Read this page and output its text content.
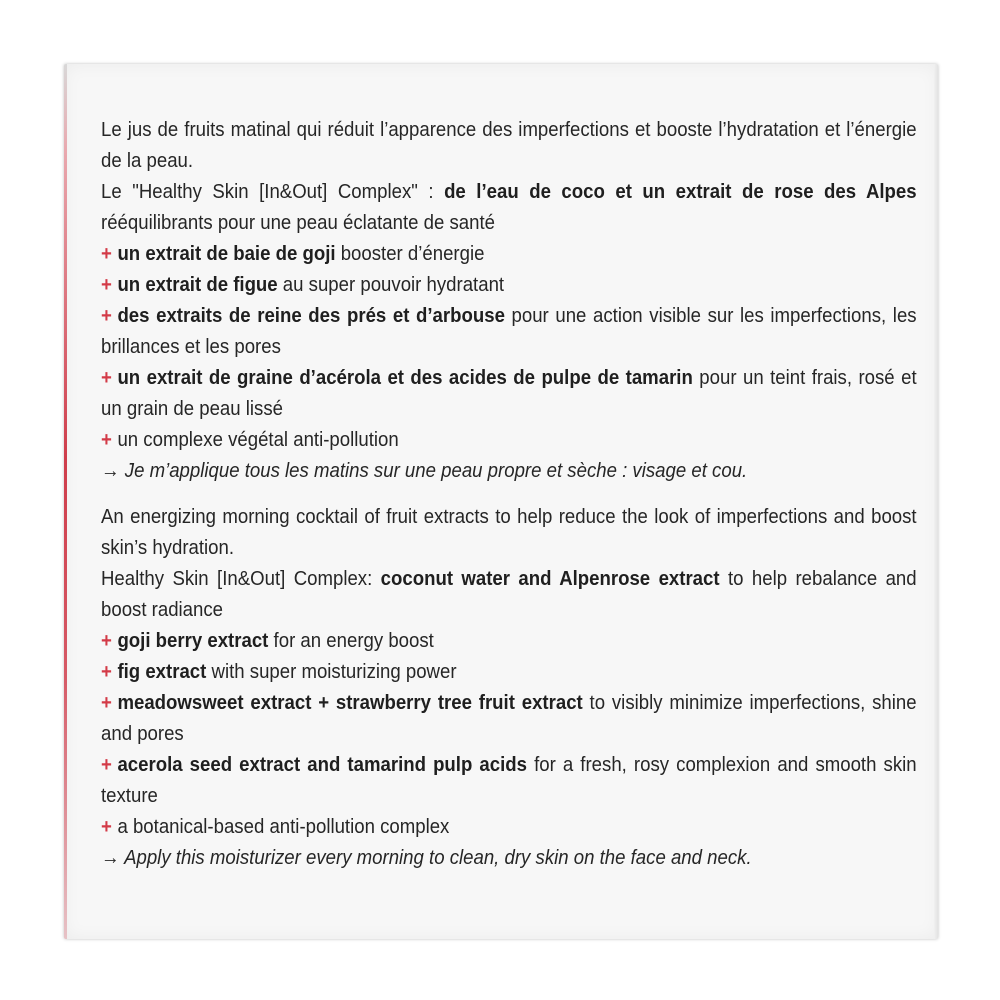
Le jus de fruits matinal qui réduit l’apparence des imperfections et booste l’hydratation et l’énergie de la peau.

Le "Healthy Skin [In&Out] Complex" : de l’eau de coco et un extrait de rose des Alpes rééquilibrants pour une peau éclatante de santé

+ un extrait de baie de goji booster d’énergie

+ un extrait de figue au super pouvoir hydratant

+ des extraits de reine des prés et d’arbouse pour une action visible sur les imperfections, les brillances et les pores

+ un extrait de graine d’acérola et des acides de pulpe de tamarin pour un teint frais, rosé et un grain de peau lissé

+ un complexe végétal anti-pollution

→ Je m’applique tous les matins sur une peau propre et sèche : visage et cou.

An energizing morning cocktail of fruit extracts to help reduce the look of imperfections and boost skin’s hydration.

Healthy Skin [In&Out] Complex: coconut water and Alpenrose extract to help rebalance and boost radiance

+ goji berry extract for an energy boost

+ fig extract with super moisturizing power

+ meadowsweet extract + strawberry tree fruit extract to visibly minimize imperfections, shine and pores

+ acerola seed extract and tamarind pulp acids for a fresh, rosy complexion and smooth skin texture

+ a botanical-based anti-pollution complex

→ Apply this moisturizer every morning to clean, dry skin on the face and neck.
